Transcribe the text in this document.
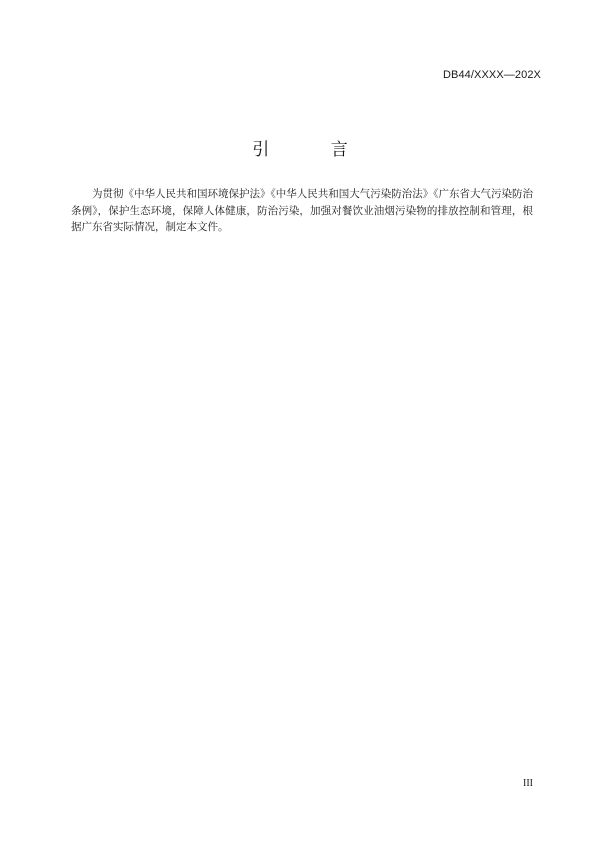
DB44/XXXX—202X
引 言

为贯彻《中华人民共和国环境保护法》《中华人民共和国大气污染防治法》《广东省大气污染防治条例》，保护生态环境，保障人体健康，防治污染，加强对餐饮业油烟污染物的排放控制和管理，根据广东省实际情况，制定本文件。

III
